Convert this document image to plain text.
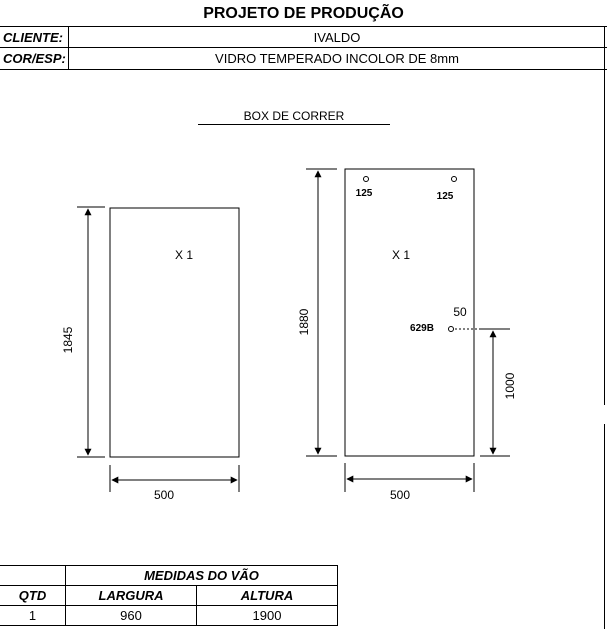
PROJETO DE PRODUÇÃO
CLIENTE:	IVALDO
COR/ESP:	VIDRO TEMPERADO INCOLOR DE 8mm
BOX DE CORRER
1845
X 1
500
1880
125	125
X 1
50
629B
1000
500
	MEDIDAS DO VÃO	
QTD	LARGURA	ALTURA
1	960	1900
